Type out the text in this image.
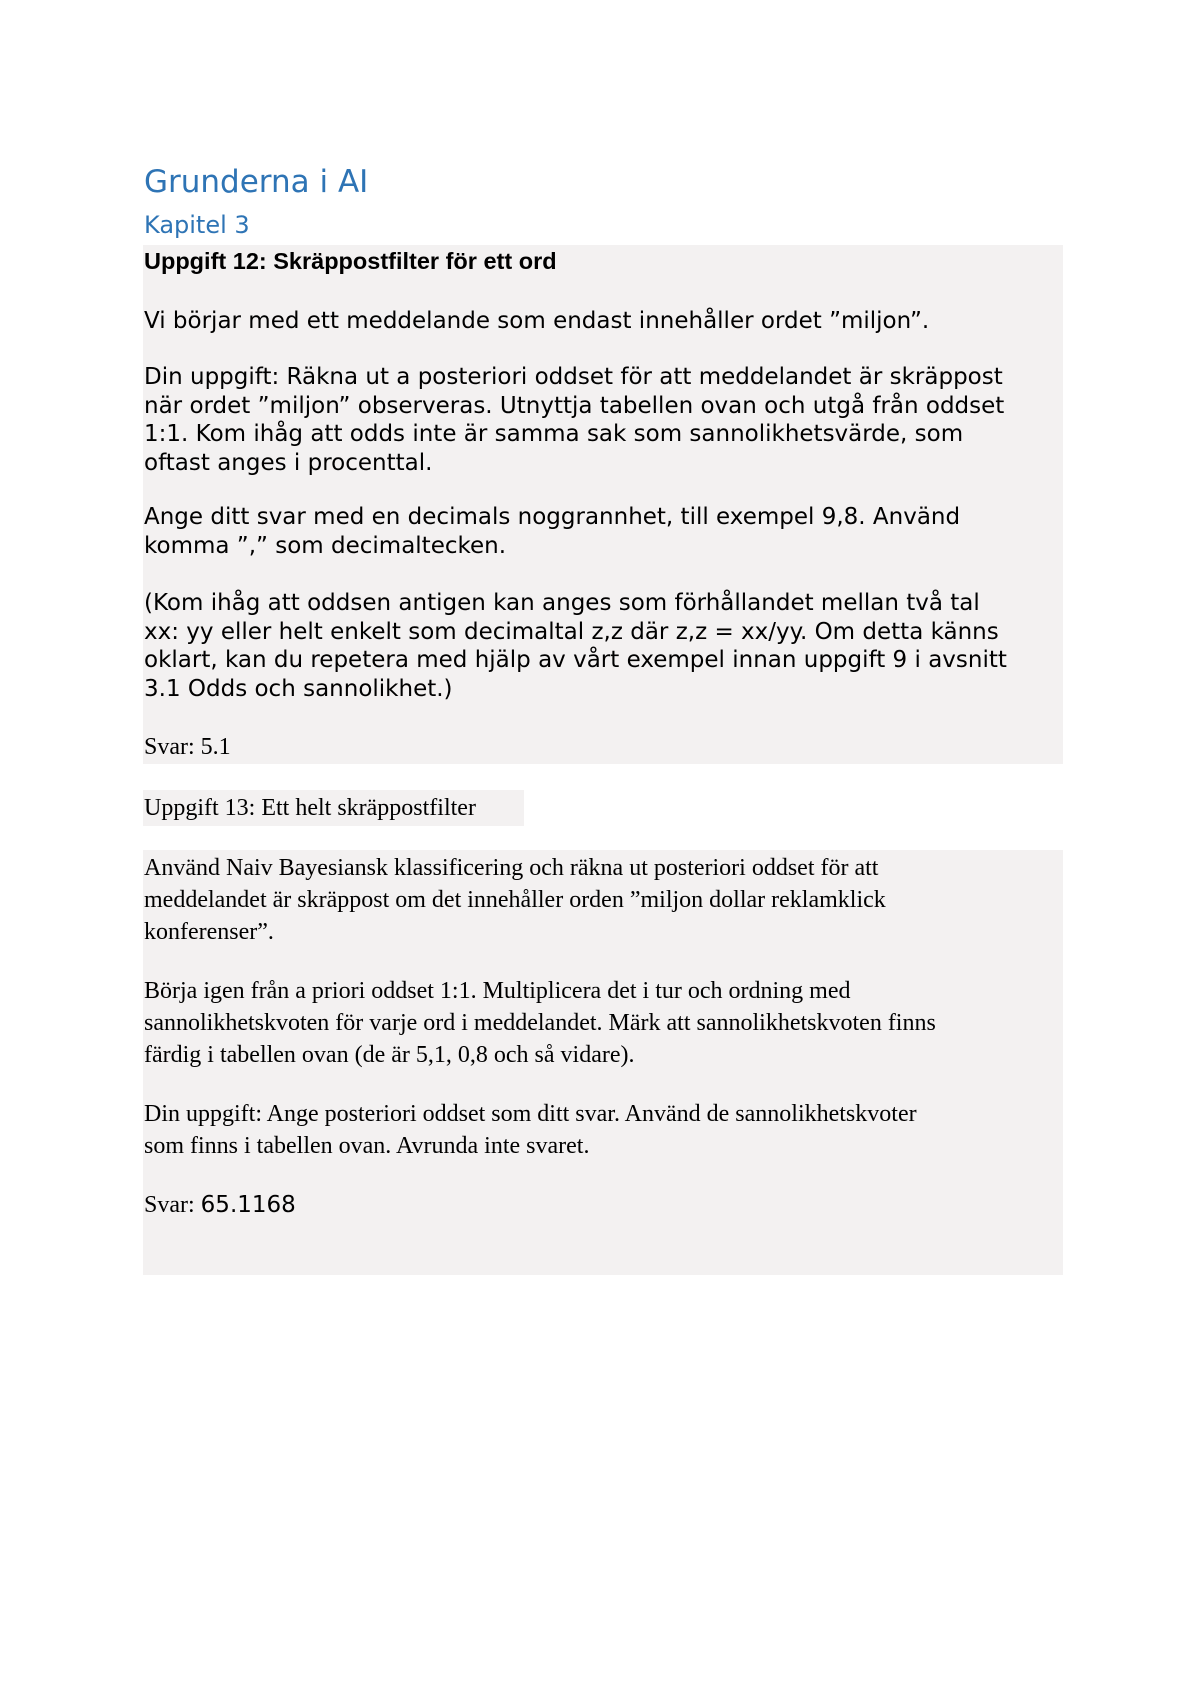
Grunderna i AI
Kapitel 3
Uppgift 12: Skräppostfilter för ett ord
Vi börjar med ett meddelande som endast innehåller ordet ”miljon”.
Din uppgift: Räkna ut a posteriori oddset för att meddelandet är skräppost
när ordet ”miljon” observeras. Utnyttja tabellen ovan och utgå från oddset
1:1. Kom ihåg att odds inte är samma sak som sannolikhetsvärde, som
oftast anges i procenttal.
Ange ditt svar med en decimals noggrannhet, till exempel 9,8. Använd
komma ”,” som decimaltecken.
(Kom ihåg att oddsen antigen kan anges som förhållandet mellan två tal
xx: yy eller helt enkelt som decimaltal z,z där z,z = xx/yy. Om detta känns
oklart, kan du repetera med hjälp av vårt exempel innan uppgift 9 i avsnitt
3.1 Odds och sannolikhet.)
Svar: 5.1
Uppgift 13: Ett helt skräppostfilter
Använd Naiv Bayesiansk klassificering och räkna ut posteriori oddset för att
meddelandet är skräppost om det innehåller orden ”miljon dollar reklamklick
konferenser”.
Börja igen från a priori oddset 1:1. Multiplicera det i tur och ordning med
sannolikhetskvoten för varje ord i meddelandet. Märk att sannolikhetskvoten finns
färdig i tabellen ovan (de är 5,1, 0,8 och så vidare).
Din uppgift: Ange posteriori oddset som ditt svar. Använd de sannolikhetskvoter
som finns i tabellen ovan. Avrunda inte svaret.
Svar: 65.1168
